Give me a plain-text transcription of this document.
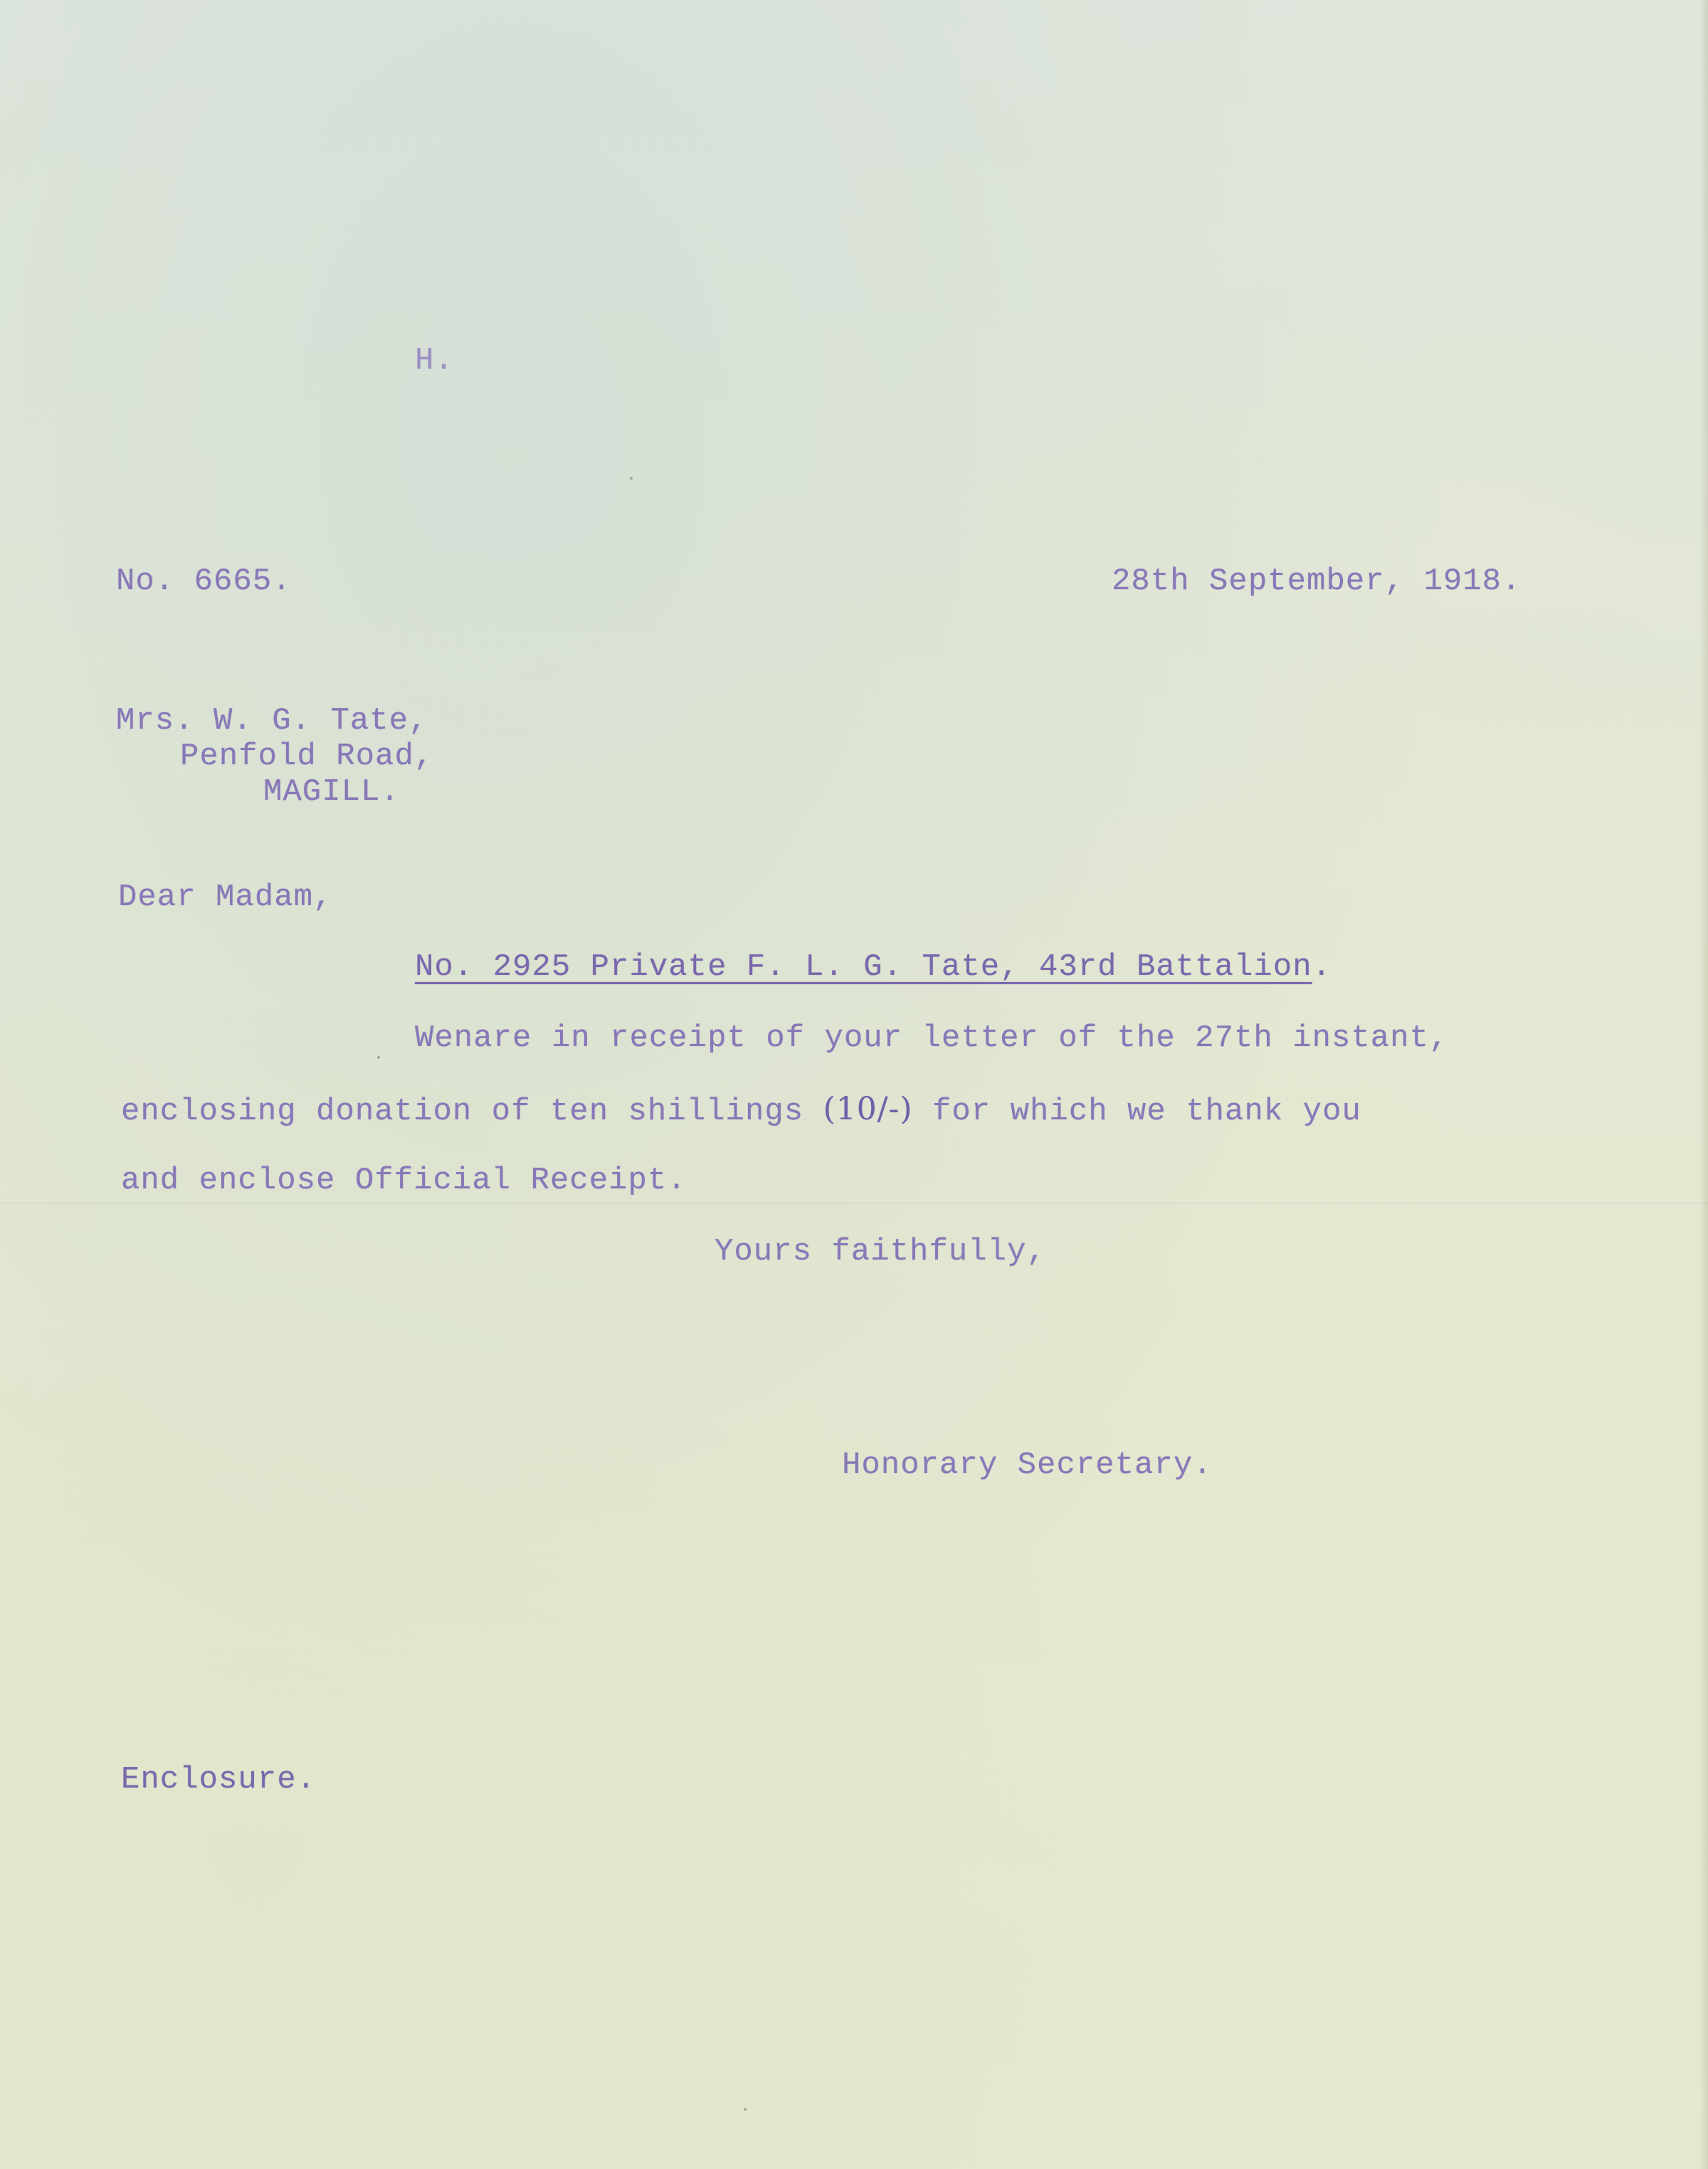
H.
No. 6665.	28th September, 1918.
Mrs. W. G. Tate,
Penfold Road,
MAGILL.
Dear Madam,
No. 2925 Private F. L. G. Tate, 43rd Battalion.
Wenare in receipt of your letter of the 27th instant,
enclosing donation of ten shillings (10/-) for which we thank you
and enclose Official Receipt.
Yours faithfully,
Honorary Secretary.
Enclosure.
